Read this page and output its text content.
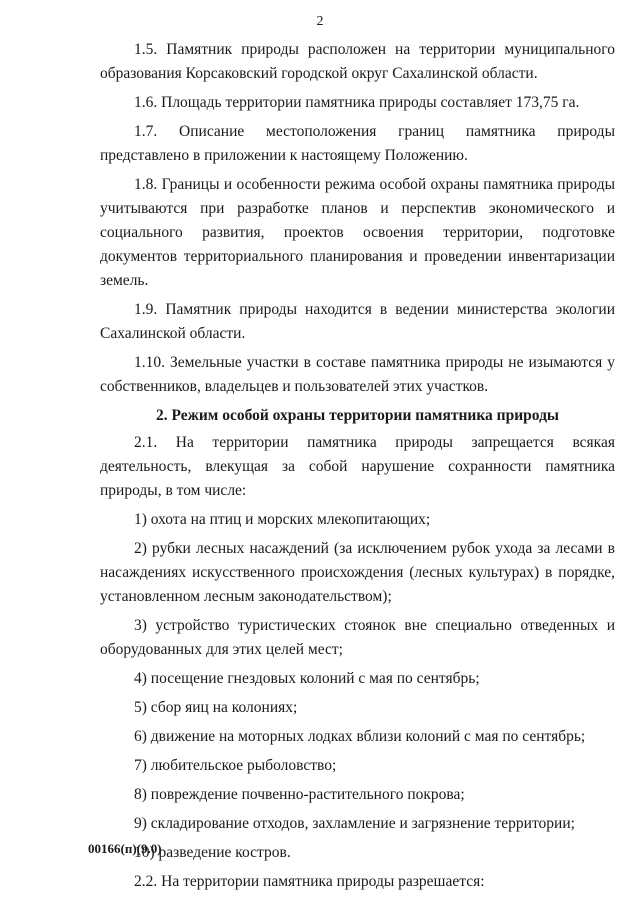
2

1.5. Памятник природы расположен на территории муниципального образования Корсаковский городской округ Сахалинской области.

1.6. Площадь территории памятника природы составляет 173,75 га.

1.7. Описание местоположения границ памятника природы представлено в приложении к настоящему Положению.

1.8. Границы и особенности режима особой охраны памятника природы учитываются при разработке планов и перспектив экономического и социального развития, проектов освоения территории, подготовке документов территориального планирования и проведении инвентаризации земель.

1.9. Памятник природы находится в ведении министерства экологии Сахалинской области.

1.10. Земельные участки в составе памятника природы не изымаются у собственников, владельцев и пользователей этих участков.

2. Режим особой охраны территории памятника природы

2.1. На территории памятника природы запрещается всякая деятельность, влекущая за собой нарушение сохранности памятника природы, в том числе:

1) охота на птиц и морских млекопитающих;

2) рубки лесных насаждений (за исключением рубок ухода за лесами в насаждениях искусственного происхождения (лесных культурах) в порядке, установленном лесным законодательством);

3) устройство туристических стоянок вне специально отведенных и оборудованных для этих целей мест;

4) посещение гнездовых колоний с мая по сентябрь;

5) сбор яиц на колониях;

6) движение на моторных лодках вблизи колоний с мая по сентябрь;

7) любительское рыболовство;

8) повреждение почвенно-растительного покрова;

9) складирование отходов, захламление и загрязнение территории;

10) разведение костров.

2.2. На территории памятника природы разрешается:

00166(п)(9.0)
